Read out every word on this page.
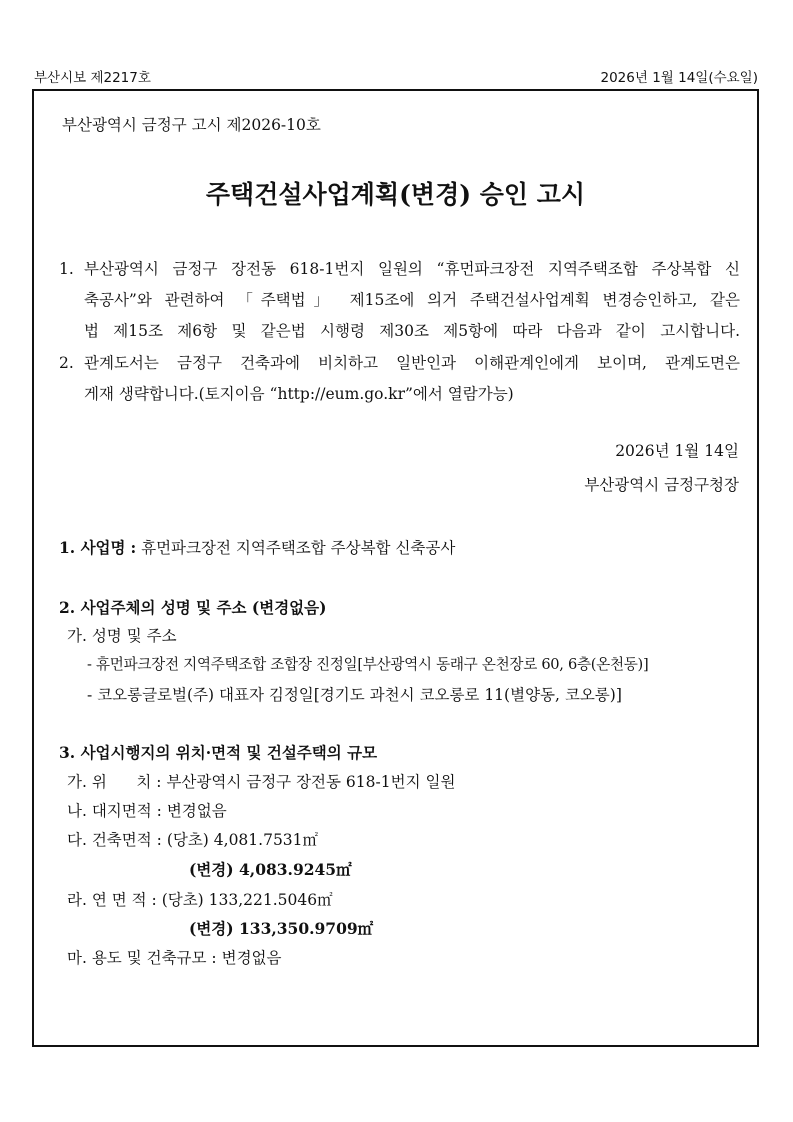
부산시보 제2217호	2026년 1월 14일(수요일)
부산광역시 금정구 고시 제2026-10호
주택건설사업계획(변경) 승인 고시
1. 부산광역시 금정구 장전동 618-1번지 일원의 “휴먼파크장전 지역주택조합 주상복합 신
축공사”와 관련하여 「주택법」 제15조에 의거 주택건설사업계획 변경승인하고, 같은
법 제15조 제6항 및 같은법 시행령 제30조 제5항에 따라 다음과 같이 고시합니다.
2. 관계도서는 금정구 건축과에 비치하고 일반인과 이해관계인에게 보이며, 관계도면은
게재 생략합니다.(토지이음 “http://eum.go.kr”에서 열람가능)
2026년 1월 14일
부산광역시 금정구청장
1. 사업명 : 휴먼파크장전 지역주택조합 주상복합 신축공사
2. 사업주체의 성명 및 주소 (변경없음)
가. 성명 및 주소
- 휴먼파크장전 지역주택조합 조합장 진정일[부산광역시 동래구 온천장로 60, 6층(온천동)]
- 코오롱글로벌(주) 대표자 김정일[경기도 과천시 코오롱로 11(별양동, 코오롱)]
3. 사업시행지의 위치·면적 및 건설주택의 규모
가. 위      치 : 부산광역시 금정구 장전동 618-1번지 일원
나. 대지면적 : 변경없음
다. 건축면적 : (당초) 4,081.7531㎡
(변경) 4,083.9245㎡
라. 연 면 적 : (당초) 133,221.5046㎡
(변경) 133,350.9709㎡
마. 용도 및 건축규모 : 변경없음
